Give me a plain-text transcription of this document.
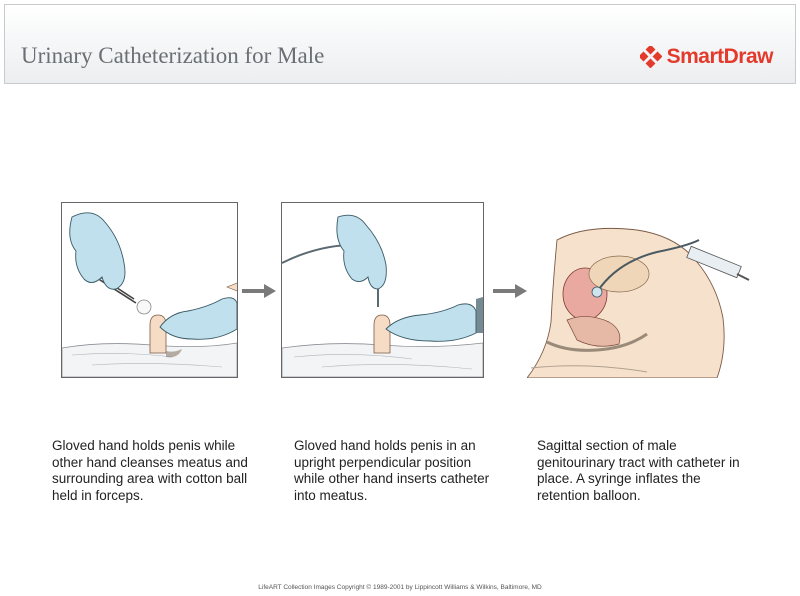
Urinary Catheterization for Male	SmartDraw
Gloved hand holds penis while other hand cleanses meatus and surrounding area with cotton ball held in forceps.
Gloved hand holds penis in an upright perpendicular position while other hand inserts catheter into meatus.
Sagittal section of male genitourinary tract with catheter in place. A syringe inflates the retention balloon.
LifeART Collection Images Copyright © 1989-2001 by Lippincott Williams & Wilkins, Baltimore, MD
